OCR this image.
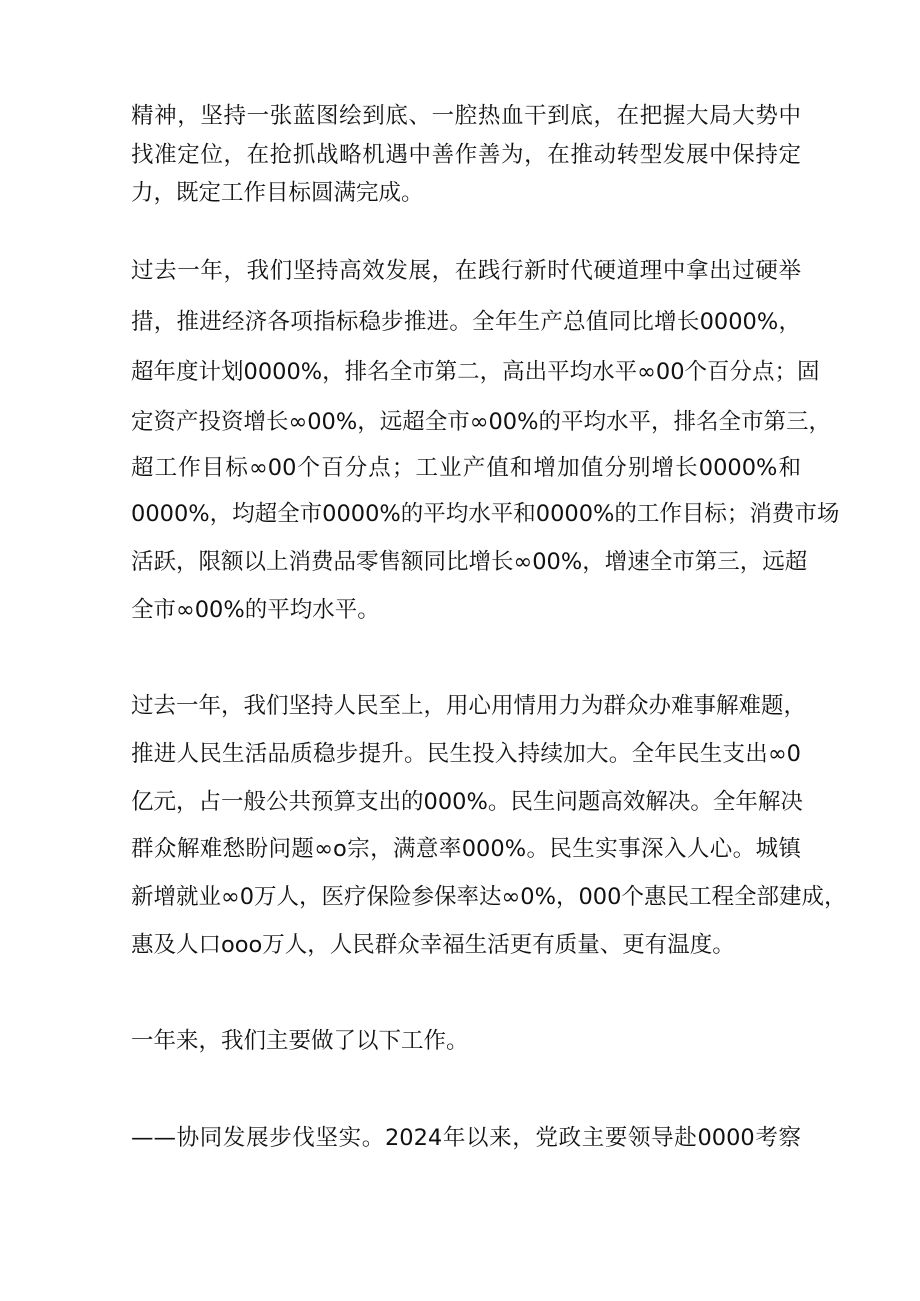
精神，坚持一张蓝图绘到底、一腔热血干到底，在把握大局大势中
找准定位，在抢抓战略机遇中善作善为，在推动转型发展中保持定
力，既定工作目标圆满完成。
过去一年，我们坚持高效发展，在践行新时代硬道理中拿出过硬举
措，推进经济各项指标稳步推进。全年生产总值同比增长0000%，
超年度计划0000%，排名全市第二，高出平均水平∞00个百分点；固
定资产投资增长∞00%，远超全市∞00%的平均水平，排名全市第三，
超工作目标∞00个百分点；工业产值和增加值分别增长0000%和
0000%，均超全市0000%的平均水平和0000%的工作目标；消费市场
活跃，限额以上消费品零售额同比增长∞00%，增速全市第三，远超
全市∞00%的平均水平。
过去一年，我们坚持人民至上，用心用情用力为群众办难事解难题，
推进人民生活品质稳步提升。民生投入持续加大。全年民生支出∞0
亿元，占一般公共预算支出的000%。民生问题高效解决。全年解决
群众解难愁盼问题∞o宗，满意率000%。民生实事深入人心。城镇
新增就业∞0万人，医疗保险参保率达∞0%，000个惠民工程全部建成，
惠及人口ooo万人，人民群众幸福生活更有质量、更有温度。
一年来，我们主要做了以下工作。
——协同发展步伐坚实。2024年以来，党政主要领导赴0000考察
